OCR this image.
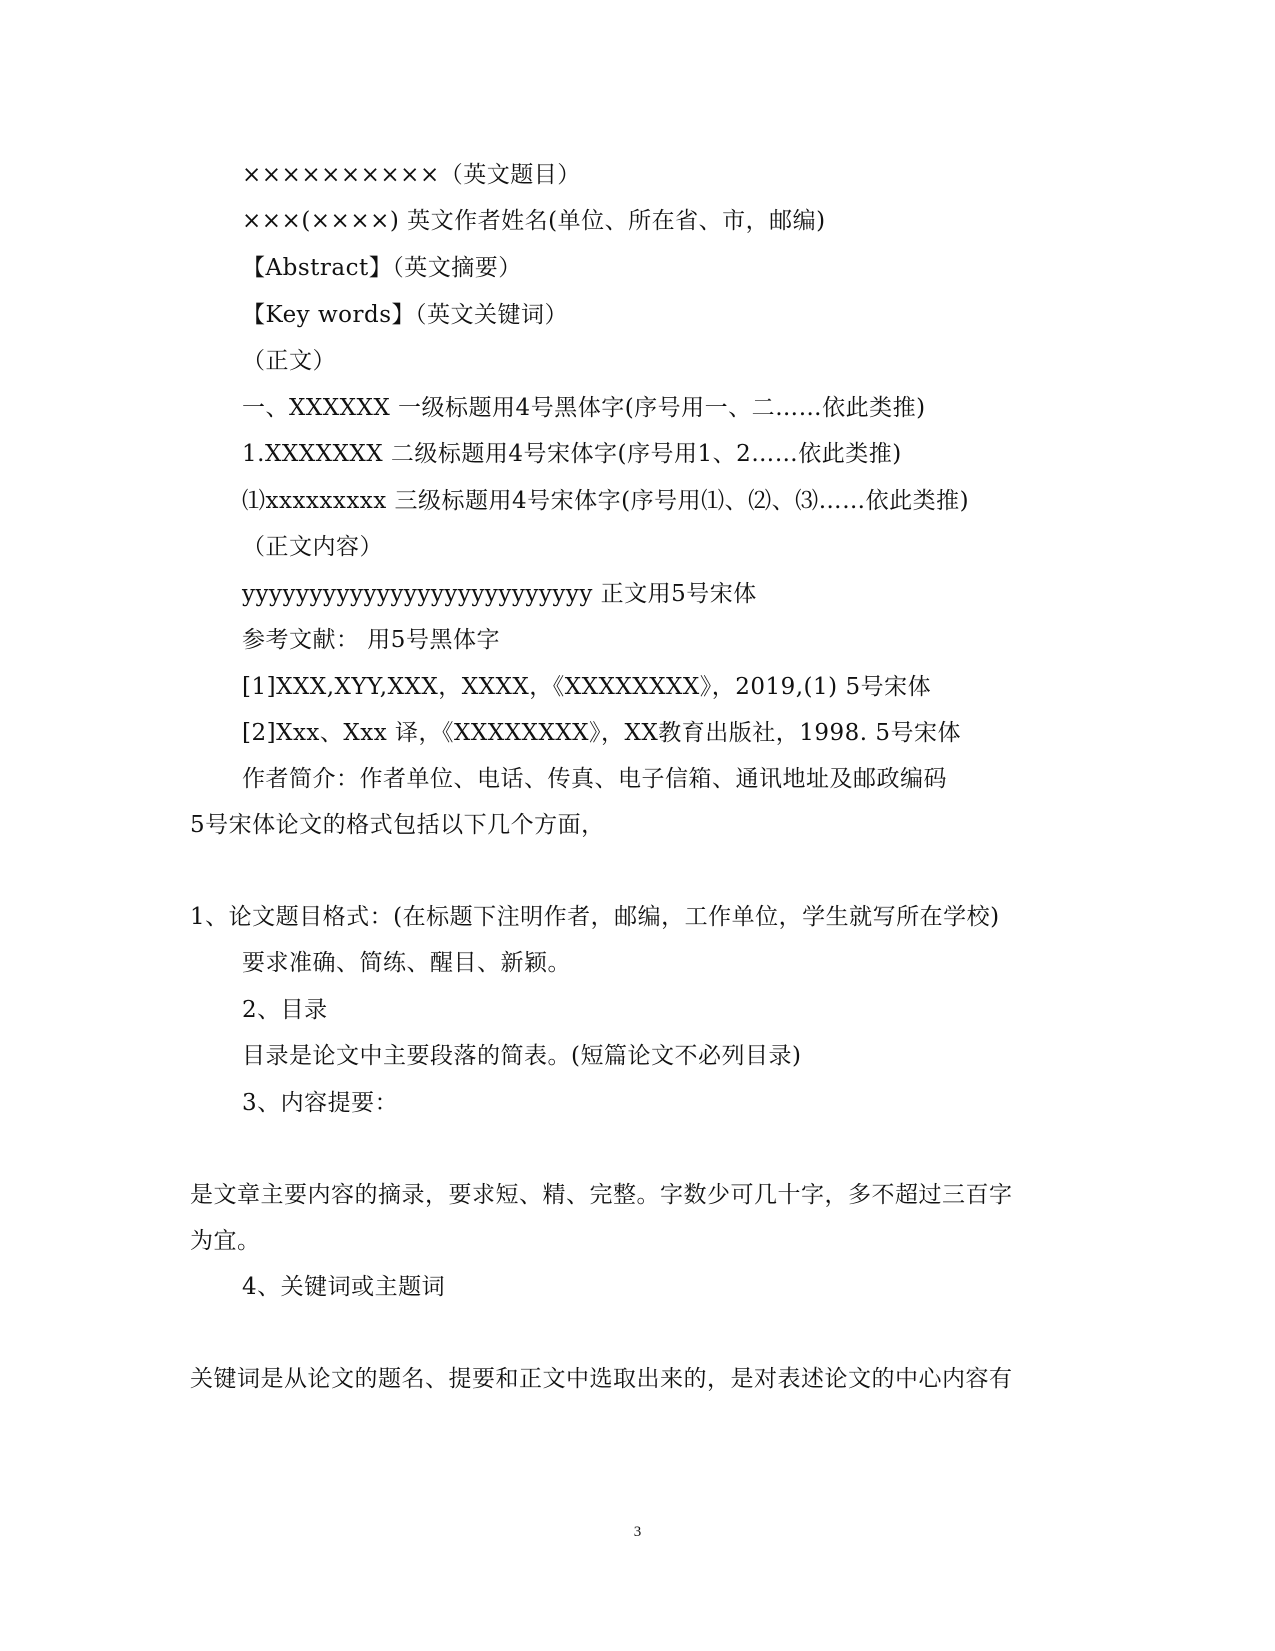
××××××××××（英文题目）
×××(××××) 英文作者姓名(单位、所在省、市，邮编)
【Abstract】（英文摘要）
【Key words】（英文关键词）
（正文）
一、XXXXXX 一级标题用4号黑体字(序号用一、二……依此类推)
1.XXXXXXX 二级标题用4号宋体字(序号用1、2……依此类推)
⑴xxxxxxxxx 三级标题用4号宋体字(序号用⑴、⑵、⑶……依此类推)
（正文内容）
yyyyyyyyyyyyyyyyyyyyyyyyyy 正文用5号宋体
参考文献： 用5号黑体字
[1]XXX,XYY,XXX，XXXX，《XXXXXXXX》，2019,(1) 5号宋体
[2]Xxx、Xxx 译，《XXXXXXXX》，XX教育出版社，1998. 5号宋体
作者简介：作者单位、电话、传真、电子信箱、通讯地址及邮政编码
5号宋体论文的格式包括以下几个方面，
1、论文题目格式：(在标题下注明作者，邮编，工作单位，学生就写所在学校)
要求准确、简练、醒目、新颖。
2、目录
目录是论文中主要段落的简表。(短篇论文不必列目录)
3、内容提要：
是文章主要内容的摘录，要求短、精、完整。字数少可几十字，多不超过三百字
为宜。
4、关键词或主题词
关键词是从论文的题名、提要和正文中选取出来的，是对表述论文的中心内容有
3
